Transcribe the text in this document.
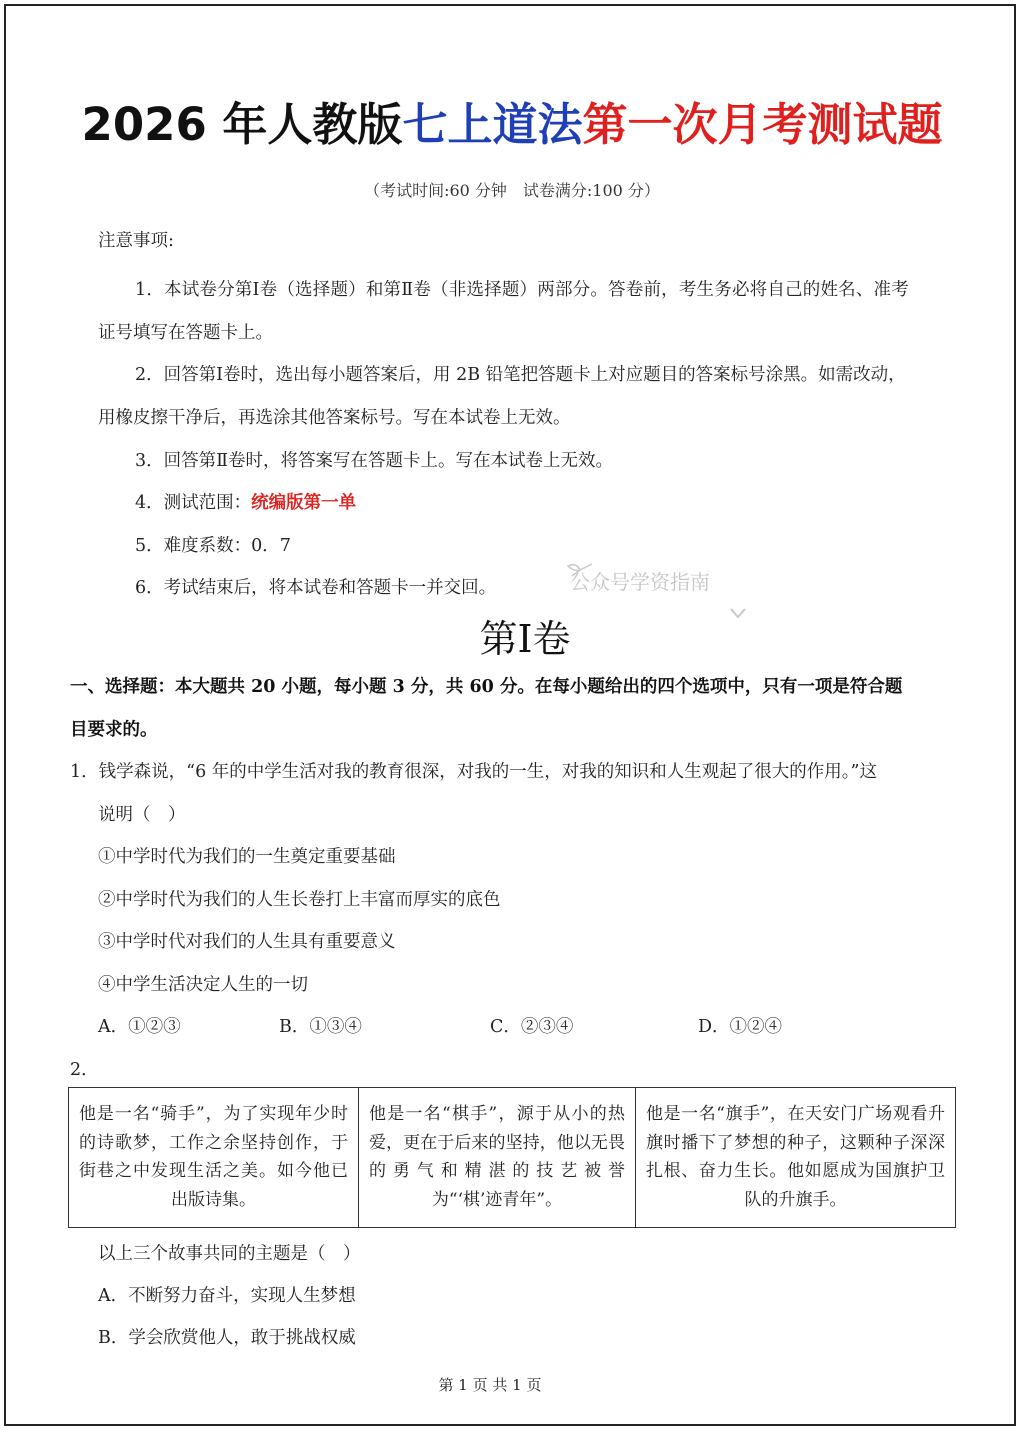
2026 年人教版七上道法第一次月考测试题
（考试时间:60 分钟　试卷满分:100 分）
注意事项:
1．本试卷分第Ⅰ卷（选择题）和第Ⅱ卷（非选择题）两部分。答卷前，考生务必将自己的姓名、准考
证号填写在答题卡上。
2．回答第Ⅰ卷时，选出每小题答案后，用 2B 铅笔把答题卡上对应题目的答案标号涂黑。如需改动，
用橡皮擦干净后，再选涂其他答案标号。写在本试卷上无效。
3．回答第Ⅱ卷时，将答案写在答题卡上。写在本试卷上无效。
4．测试范围：统编版第一单
5．难度系数：0．7
6．考试结束后，将本试卷和答题卡一并交回。	公众号学资指南
第Ⅰ卷
一、选择题：本大题共 20 小题，每小题 3 分，共 60 分。在每小题给出的四个选项中，只有一项是符合题
目要求的。
1．钱学森说，“6 年的中学生活对我的教育很深，对我的一生，对我的知识和人生观起了很大的作用。”这
说明（　）
①中学时代为我们的一生奠定重要基础
②中学时代为我们的人生长卷打上丰富而厚实的底色
③中学时代对我们的人生具有重要意义
④中学生活决定人生的一切
A．①②③	B．①③④	C．②③④	D．①②④
2．
他是一名“骑手”，为了实现年少时的诗歌梦，工作之余坚持创作，于街巷之中发现生活之美。如今他已出版诗集。	他是一名“棋手”，源于从小的热爱，更在于后来的坚持，他以无畏的勇气和精湛的技艺被誉为“‘棋’迹青年”。	他是一名“旗手”，在天安门广场观看升旗时播下了梦想的种子，这颗种子深深扎根、奋力生长。他如愿成为国旗护卫队的升旗手。
以上三个故事共同的主题是（　）
A．不断努力奋斗，实现人生梦想
B．学会欣赏他人，敢于挑战权威
第 1 页 共 1 页
